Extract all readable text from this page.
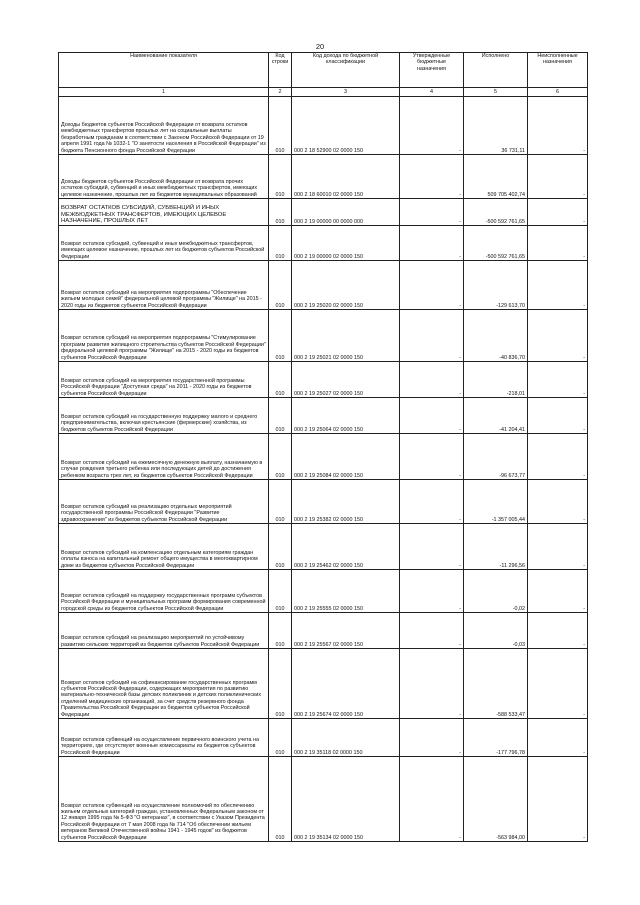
20
Наименование показателя	Код строки	Код дохода по бюджетной классификации	Утвержденные бюджетные назначения	Исполнено	Неисполненные назначения
1	2	3	4	5	6
Доходы бюджетов субъектов Российской Федерации от возврата остатков межбюджетных трансфертов прошлых лет на социальные выплаты безработным гражданам в соответствии с Законом Российской Федерации от 19 апреля 1991 года № 1032-1 "О занятости населения в Российской Федерации" из бюджета Пенсионного фонда Российской Федерации	010	000 2 18 52900 02 0000 150	-	36 731,11	-
Доходы бюджетов субъектов Российской Федерации от возврата прочих остатков субсидий, субвенций и иных межбюджетных трансфертов, имеющих целевое назначение, прошлых лет из бюджетов муниципальных образований	010	000 2 18 60010 02 0000 150	-	509 705 402,74	-
ВОЗВРАТ ОСТАТКОВ СУБСИДИЙ, СУБВЕНЦИЙ И ИНЫХ МЕЖБЮДЖЕТНЫХ ТРАНСФЕРТОВ, ИМЕЮЩИХ ЦЕЛЕВОЕ НАЗНАЧЕНИЕ, ПРОШЛЫХ ЛЕТ	010	000 2 19 00000 00 0000 000	-	-500 592 761,65	-
Возврат остатков субсидий, субвенций и иных межбюджетных трансфертов, имеющих целевое назначение, прошлых лет из бюджетов субъектов Российской Федерации	010	000 2 19 00000 02 0000 150	-	-500 592 761,65	-
Возврат остатков субсидий на мероприятия подпрограммы "Обеспечение жильем молодых семей" федеральной целевой программы "Жилище" на 2015 - 2020 годы из бюджетов субъектов Российской Федерации	010	000 2 19 25020 02 0000 150	-	-129 613,70	-
Возврат остатков субсидий на мероприятия подпрограммы "Стимулирование программ развития жилищного строительства субъектов Российской Федерации" федеральной целевой программы "Жилище" на 2015 - 2020 годы из бюджетов субъектов Российской Федерации	010	000 2 19 25021 02 0000 150	-	-40 836,70	-
Возврат остатков субсидий на мероприятия государственной программы Российской Федерации "Доступная среда" на 2011 - 2020 годы из бюджетов субъектов Российской Федерации	010	000 2 19 25027 02 0000 150	-	-218,01	-
Возврат остатков субсидий на государственную поддержку малого и среднего предпринимательства, включая крестьянские (фермерские) хозяйства, из бюджетов субъектов Российской Федерации	010	000 2 19 25064 02 0000 150	-	-41 204,41	-
Возврат остатков субсидий на ежемесячную денежную выплату, назначаемую в случае рождения третьего ребенка или последующих детей до достижения ребенком возраста трех лет, из бюджетов субъектов Российской Федерации	010	000 2 19 25084 02 0000 150	-	-96 673,77	-
Возврат остатков субсидий на реализацию отдельных мероприятий государственной программы Российской Федерации "Развитие здравоохранения" из бюджетов субъектов Российской Федерации	010	000 2 19 25382 02 0000 150	-	-1 357 005,44	-
Возврат остатков субсидий на компенсацию отдельным категориям граждан оплаты взноса на капитальный ремонт общего имущества в многоквартирном доме из бюджетов субъектов Российской Федерации	010	000 2 19 25462 02 0000 150	-	-11 296,56	-
Возврат остатков субсидий на поддержку государственных программ субъектов Российской Федерации и муниципальных программ формирования современной городской среды из бюджетов субъектов Российской Федерации	010	000 2 19 25555 02 0000 150	-	-0,02	-
Возврат остатков субсидий на реализацию мероприятий по устойчивому развитию сельских территорий из бюджетов субъектов Российской Федерации	010	000 2 19 25567 02 0000 150	-	-0,03	-
Возврат остатков субсидий на софинансирование государственных программ субъектов Российской Федерации, содержащих мероприятия по развитию материально-технической базы детских поликлиник и детских поликлинических отделений медицинских организаций, за счет средств резервного фонда Правительства Российской Федерации из бюджетов субъектов Российской Федерации	010	000 2 19 25674 02 0000 150	-	-588 533,47	-
Возврат остатков субвенций на осуществление первичного воинского учета на территориях, где отсутствуют военные комиссариаты из бюджетов субъектов Российской Федерации	010	000 2 19 35118 02 0000 150	-	-177 796,78	-
Возврат остатков субвенций на осуществление полномочий по обеспечению жильем отдельных категорий граждан, установленных Федеральным законом от 12 января 1995 года № 5-ФЗ "О ветеранах", в соответствии с Указом Президента Российской Федерации от 7 мая 2008 года № 714 "Об обеспечении жильем ветеранов Великой Отечественной войны 1941 - 1945 годов" из бюджетов субъектов Российской Федерации	010	000 2 19 35134 02 0000 150	-	-563 984,00	-
